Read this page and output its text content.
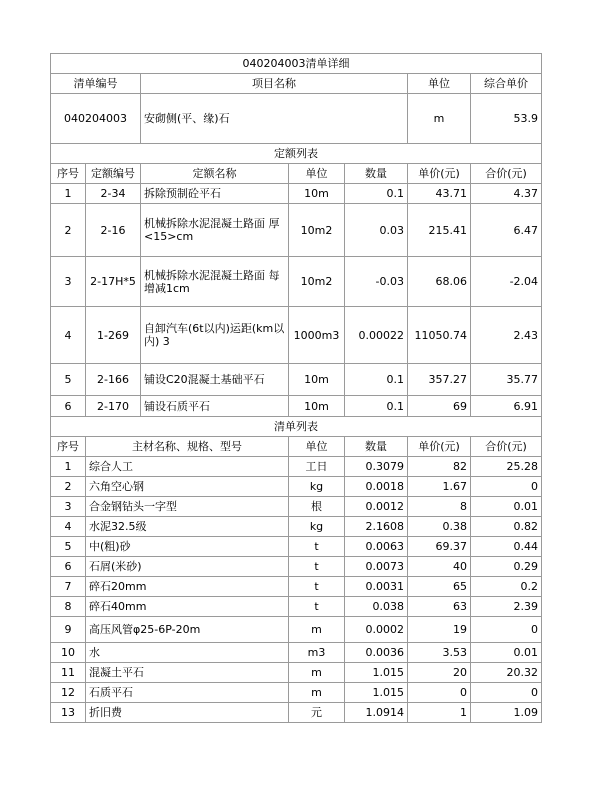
040204003清单详细						
清单编号		项目名称			单位	综合单价
040204003		安砌侧(平、缘)石			m	53.9
定额列表						
序号	定额编号	定额名称	单位	数量	单价(元)	合价(元)
1	2-34	拆除预制砼平石	10m	0.1	43.71	4.37
2	2-16	机械拆除水泥混凝土路面 厚<15>cm	10m2	0.03	215.41	6.47
3	2-17H*5	机械拆除水泥混凝土路面 每增减1cm	10m2	-0.03	68.06	-2.04
4	1-269	自卸汽车(6t以内)运距(km以内) 3	1000m3	0.00022	11050.74	2.43
5	2-166	铺设C20混凝土基础平石	10m	0.1	357.27	35.77
6	2-170	铺设石质平石	10m	0.1	69	6.91
清单列表						
序号	主材名称、规格、型号		单位	数量	单价(元)	合价(元)
1	综合人工		工日	0.3079	82	25.28
2	六角空心钢		kg	0.0018	1.67	0
3	合金钢钻头一字型		根	0.0012	8	0.01
4	水泥32.5级		kg	2.1608	0.38	0.82
5	中(粗)砂		t	0.0063	69.37	0.44
6	石屑(米砂)		t	0.0073	40	0.29
7	碎石20mm		t	0.0031	65	0.2
8	碎石40mm		t	0.038	63	2.39
9	高压风管φ25-6P-20m		m	0.0002	19	0
10	水		m3	0.0036	3.53	0.01
11	混凝土平石		m	1.015	20	20.32
12	石质平石		m	1.015	0	0
13	折旧费		元	1.0914	1	1.09
